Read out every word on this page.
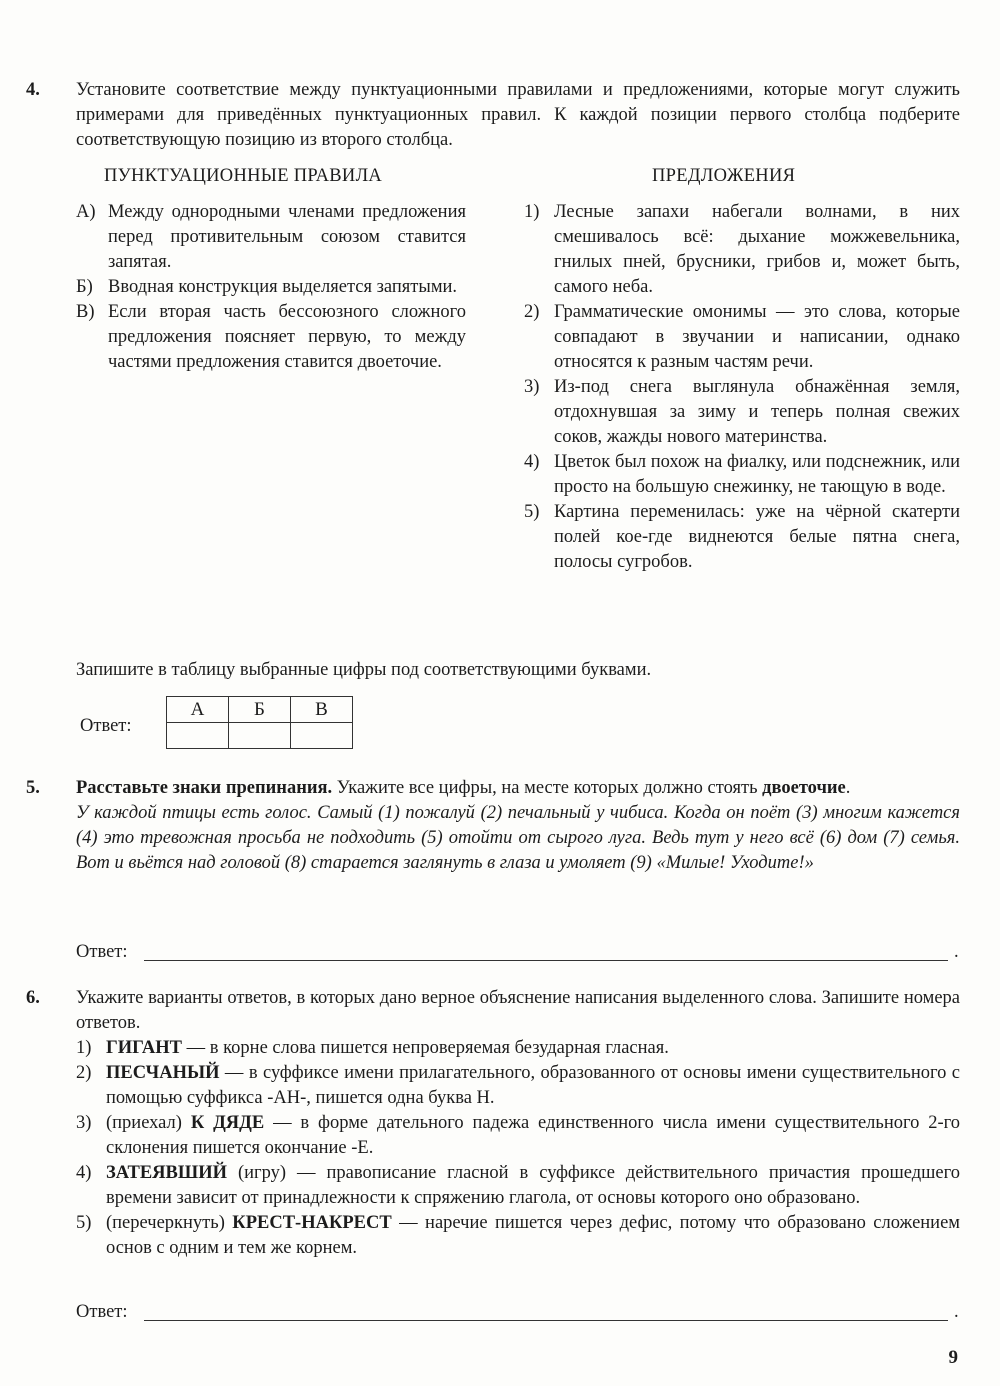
4. Установите соответствие между пунктуационными правилами и предложениями, которые могут служить примерами для приведённых пунктуационных правил. К каждой позиции первого столбца подберите соответствующую позицию из второго столбца.

ПУНКТУАЦИОННЫЕ ПРАВИЛА	ПРЕДЛОЖЕНИЯ
А) Между однородными членами предложения перед противительным союзом ставится запятая.
Б) Вводная конструкция выделяется запятыми.
В) Если вторая часть бессоюзного сложного предложения поясняет первую, то между частями предложения ставится двоеточие.
1) Лесные запахи набегали волнами, в них смешивалось всё: дыхание можжевельника, гнилых пней, брусники, грибов и, может быть, самого неба.
2) Грамматические омонимы — это слова, которые совпадают в звучании и написании, однако относятся к разным частям речи.
3) Из-под снега выглянула обнажённая земля, отдохнувшая за зиму и теперь полная свежих соков, жажды нового материнства.
4) Цветок был похож на фиалку, или подснежник, или просто на большую снежинку, не тающую в воде.
5) Картина переменилась: уже на чёрной скатерти полей кое-где виднеются белые пятна снега, полосы сугробов.
Запишите в таблицу выбранные цифры под соответствующими буквами.
Ответ:
А	Б	В

5. Расставьте знаки препинания. Укажите все цифры, на месте которых должно стоять двоеточие.

У каждой птицы есть голос. Самый (1) пожалуй (2) печальный у чибиса. Когда он поёт (3) многим кажется (4) это тревожная просьба не подходить (5) отойти от сырого луга. Ведь тут у него всё (6) дом (7) семья. Вот и вьётся над головой (8) старается заглянуть в глаза и умоляет (9) «Милые! Уходите!»

Ответ:	.
6. Укажите варианты ответов, в которых дано верное объяснение написания выделенного слова. Запишите номера ответов.

1) ГИГАНТ — в корне слова пишется непроверяемая безударная гласная.
2) ПЕСЧАНЫЙ — в суффиксе имени прилагательного, образованного от основы имени существительного с помощью суффикса -АН-, пишется одна буква Н.
3) (приехал) К ДЯДЕ — в форме дательного падежа единственного числа имени существительного 2-го склонения пишется окончание -Е.
4) ЗАТЕЯВШИЙ (игру) — правописание гласной в суффиксе действительного причастия прошедшего времени зависит от принадлежности к спряжению глагола, от основы которого оно образовано.
5) (перечеркнуть) КРЕСТ-НАКРЕСТ — наречие пишется через дефис, потому что образовано сложением основ с одним и тем же корнем.
Ответ:	.
9
